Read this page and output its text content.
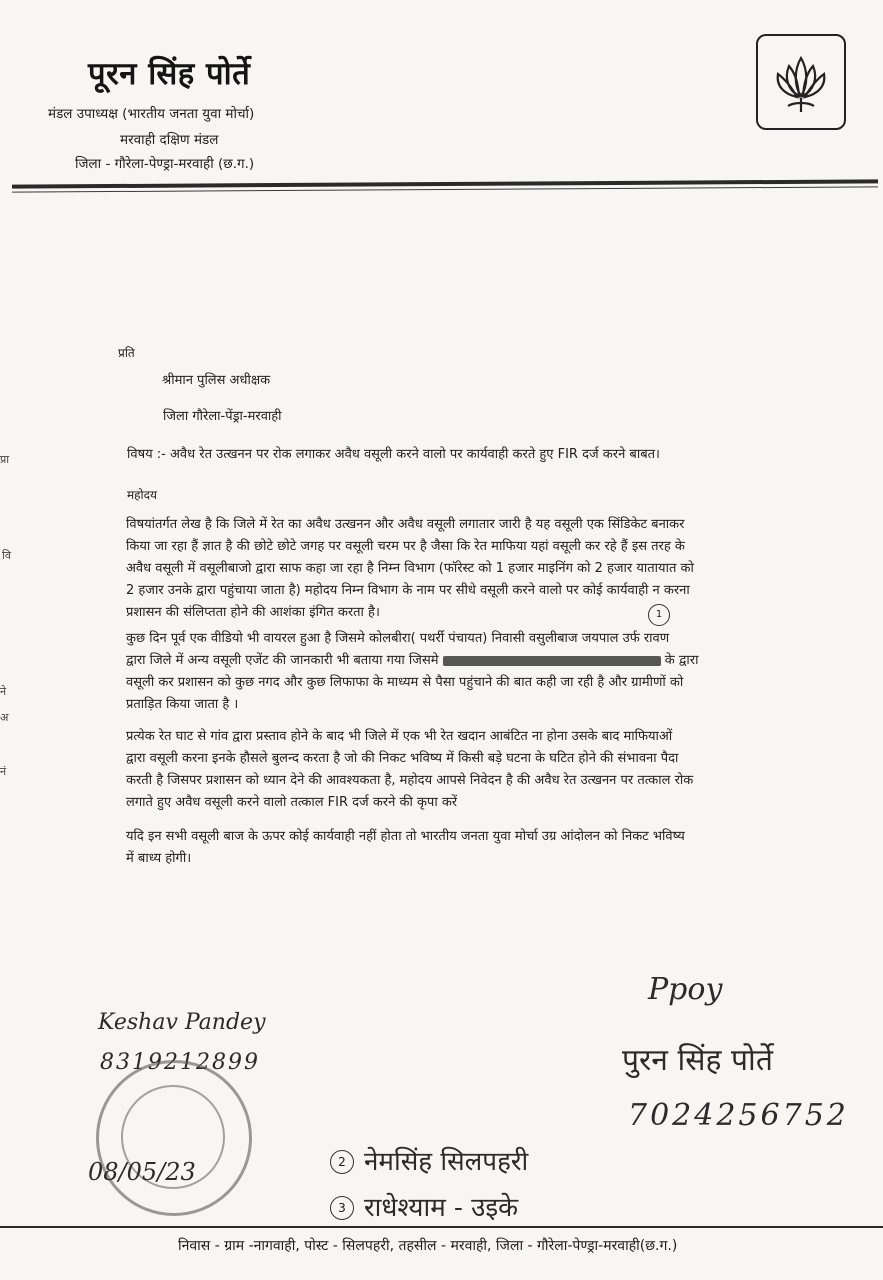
पूरन सिंह पोर्ते
मंडल उपाध्यक्ष (भारतीय जनता युवा मोर्चा)
मरवाही दक्षिण मंडल
जिला - गौरेला-पेण्ड्रा-मरवाही (छ.ग.)
प्रा
वि
ने
अ
नं
प्रति
श्रीमान पुलिस अधीक्षक
जिला गौरेला-पेंड्रा-मरवाही
विषय :- अवैध रेत उत्खनन पर रोक लगाकर अवैध वसूली करने वालो पर कार्यवाही करते हुए FIR दर्ज करने बाबत।
महोदय
विषयांतर्गत लेख है कि जिले में रेत का अवैध उत्खनन और अवैध वसूली लगातार जारी है यह वसूली एक सिंडिकेट बनाकर
किया जा रहा हैं ज्ञात है की छोटे छोटे जगह पर वसूली चरम पर है जैसा कि रेत माफिया यहां वसूली कर रहे हैं इस तरह के
अवैध वसूली में वसूलीबाजो द्वारा साफ कहा जा रहा है निम्न विभाग (फॉरेस्ट को 1 हजार माइनिंग को 2 हजार यातायात को
2 हजार उनके द्वारा पहुंचाया जाता है) महोदय निम्न विभाग के नाम पर सीधे वसूली करने वालो पर कोई कार्यवाही न करना
प्रशासन की संलिप्तता होने की आशंका इंगित करता है।
कुछ दिन पूर्व एक वीडियो भी वायरल हुआ है जिसमे कोलबीरा( पथर्री पंचायत) निवासी वसुलीबाज जयपाल उर्फ रावण
द्वारा जिले में अन्य वसूली एजेंट की जानकारी भी बताया गया जिसमे	के द्वारा
वसूली कर प्रशासन को कुछ नगद और कुछ लिफाफा के माध्यम से पैसा पहुंचाने की बात कही जा रही है और ग्रामीणों को
प्रताड़ित किया जाता है ।
1
प्रत्येक रेत घाट से गांव द्वारा प्रस्ताव होने के बाद भी जिले में एक भी रेत खदान आबंटित ना होना उसके बाद माफियाओं
द्वारा वसूली करना इनके हौसले बुलन्द करता है जो की निकट भविष्य में किसी बड़े घटना के घटित होने की संभावना पैदा
करती है जिसपर प्रशासन को ध्यान देने की आवश्यकता है, महोदय आपसे निवेदन है की अवैध रेत उत्खनन पर तत्काल रोक
लगाते हुए अवैध वसूली करने वालो तत्काल FIR दर्ज करने की कृपा करें
यदि इन सभी वसूली बाज के ऊपर कोई कार्यवाही नहीं होता तो भारतीय जनता युवा मोर्चा उग्र आंदोलन को निकट भविष्य
में बाध्य होगी।
Ppoy
पुरन सिंह पोर्ते
7024256752
Keshav Pandey
8319212899
08/05/23	2 नेमसिंह सिलपहरी
3 राधेश्याम - उइके
निवास - ग्राम -नागवाही, पोस्ट - सिलपहरी, तहसील - मरवाही, जिला - गौरेला-पेण्ड्रा-मरवाही(छ.ग.)
